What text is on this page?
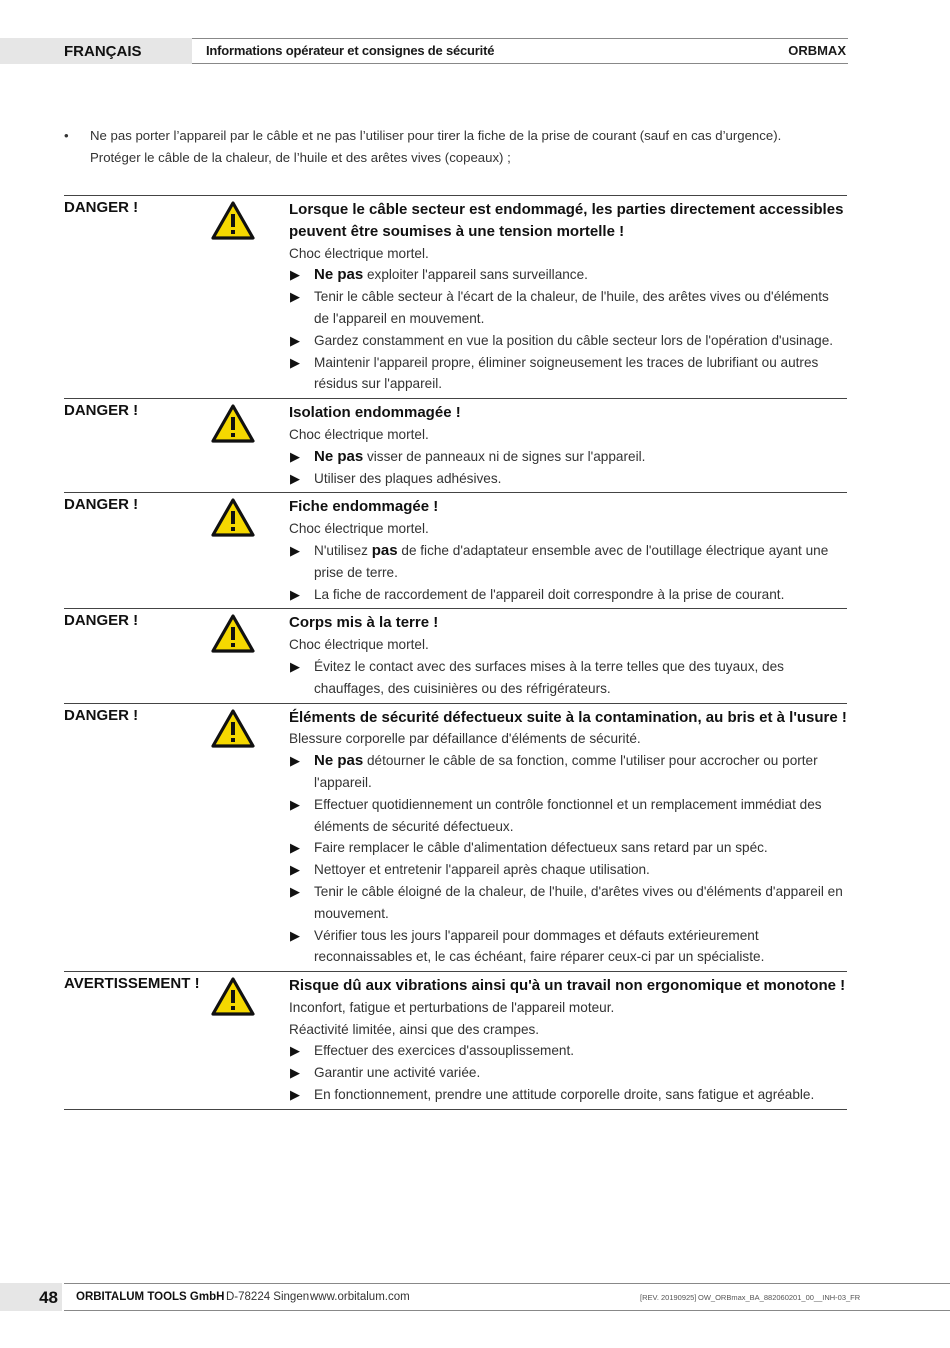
FRANÇAIS	Informations opérateur et consignes de sécurité	ORBMAX
• Ne pas porter l’appareil par le câble et ne pas l’utiliser pour tirer la fiche de la prise de courant (sauf en cas d’urgence).
Protéger le câble de la chaleur, de l’huile et des arêtes vives (copeaux) ;
DANGER !	Lorsque le câble secteur est endommagé, les parties directement accessibles peuvent être soumises à une tension mortelle !
Choc électrique mortel.
▶ Ne pas exploiter l'appareil sans surveillance.
▶ Tenir le câble secteur à l'écart de la chaleur, de l'huile, des arêtes vives ou d'éléments de l'appareil en mouvement.
▶ Gardez constamment en vue la position du câble secteur lors de l'opération d'usinage.
▶ Maintenir l'appareil propre, éliminer soigneusement les traces de lubrifiant ou autres résidus sur l'appareil.
DANGER !	Isolation endommagée !
Choc électrique mortel.
▶ Ne pas visser de panneaux ni de signes sur l'appareil.
▶ Utiliser des plaques adhésives.
DANGER !	Fiche endommagée !
Choc électrique mortel.
▶ N'utilisez pas de fiche d'adaptateur ensemble avec de l'outillage électrique ayant une prise de terre.
▶ La fiche de raccordement de l'appareil doit correspondre à la prise de courant.
DANGER !	Corps mis à la terre !
Choc électrique mortel.
▶ Évitez le contact avec des surfaces mises à la terre telles que des tuyaux, des chauffages, des cuisinières ou des réfrigérateurs.
DANGER !	Éléments de sécurité défectueux suite à la contamination, au bris et à l'usure !
Blessure corporelle par défaillance d'éléments de sécurité.
▶ Ne pas détourner le câble de sa fonction, comme l'utiliser pour accrocher ou porter l'appareil.
▶ Effectuer quotidiennement un contrôle fonctionnel et un remplacement immédiat des éléments de sécurité défectueux.
▶ Faire remplacer le câble d'alimentation défectueux sans retard par un spéc.
▶ Nettoyer et entretenir l'appareil après chaque utilisation.
▶ Tenir le câble éloigné de la chaleur, de l'huile, d'arêtes vives ou d'éléments d'appareil en mouvement.
▶ Vérifier tous les jours l'appareil pour dommages et défauts extérieurement reconnaissables et, le cas échéant, faire réparer ceux-ci par un spécialiste.
AVERTISSEMENT !	Risque dû aux vibrations ainsi qu'à un travail non ergonomique et monotone !
Inconfort, fatigue et perturbations de l'appareil moteur.
Réactivité limitée, ainsi que des crampes.
▶ Effectuer des exercices d'assouplissement.
▶ Garantir une activité variée.
▶ En fonctionnement, prendre une attitude corporelle droite, sans fatigue et agréable.
48	ORBITALUM TOOLS GmbH D-78224 Singen www.orbitalum.com	[REV. 20190925] OW_ORBmax_BA_882060201_00__INH-03_FR
